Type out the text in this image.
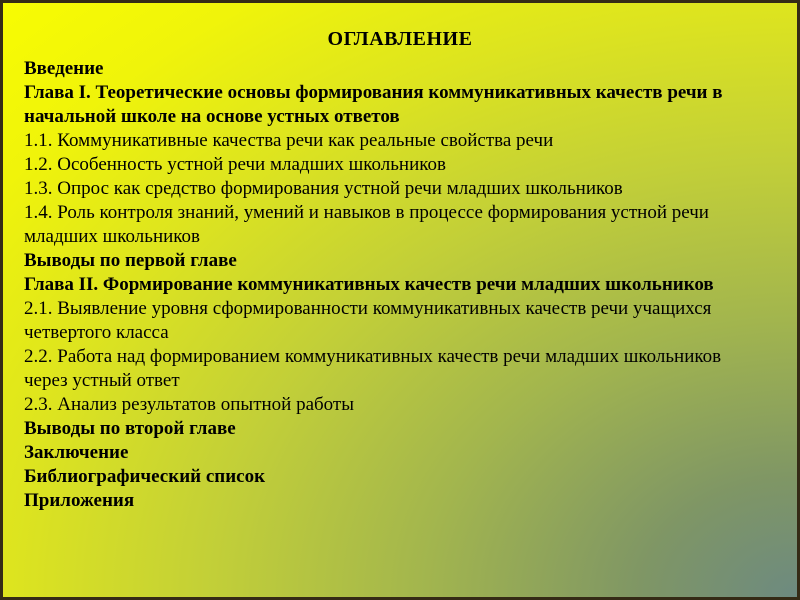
ОГЛАВЛЕНИЕ
Введение
Глава I. Теоретические основы формирования коммуникативных качеств речи в
начальной школе на основе устных ответов
1.1. Коммуникативные качества речи как реальные свойства речи
1.2. Особенность устной речи младших школьников
1.3. Опрос как средство формирования устной речи младших школьников
1.4. Роль контроля знаний, умений и навыков в процессе формирования устной речи
младших школьников
Выводы по первой главе
Глава II. Формирование коммуникативных качеств речи младших школьников
2.1. Выявление уровня сформированности коммуникативных качеств речи учащихся
четвертого класса
2.2. Работа над формированием коммуникативных качеств речи младших школьников
через устный ответ
2.3. Анализ результатов опытной работы
Выводы по второй главе
Заключение
Библиографический список
Приложения
